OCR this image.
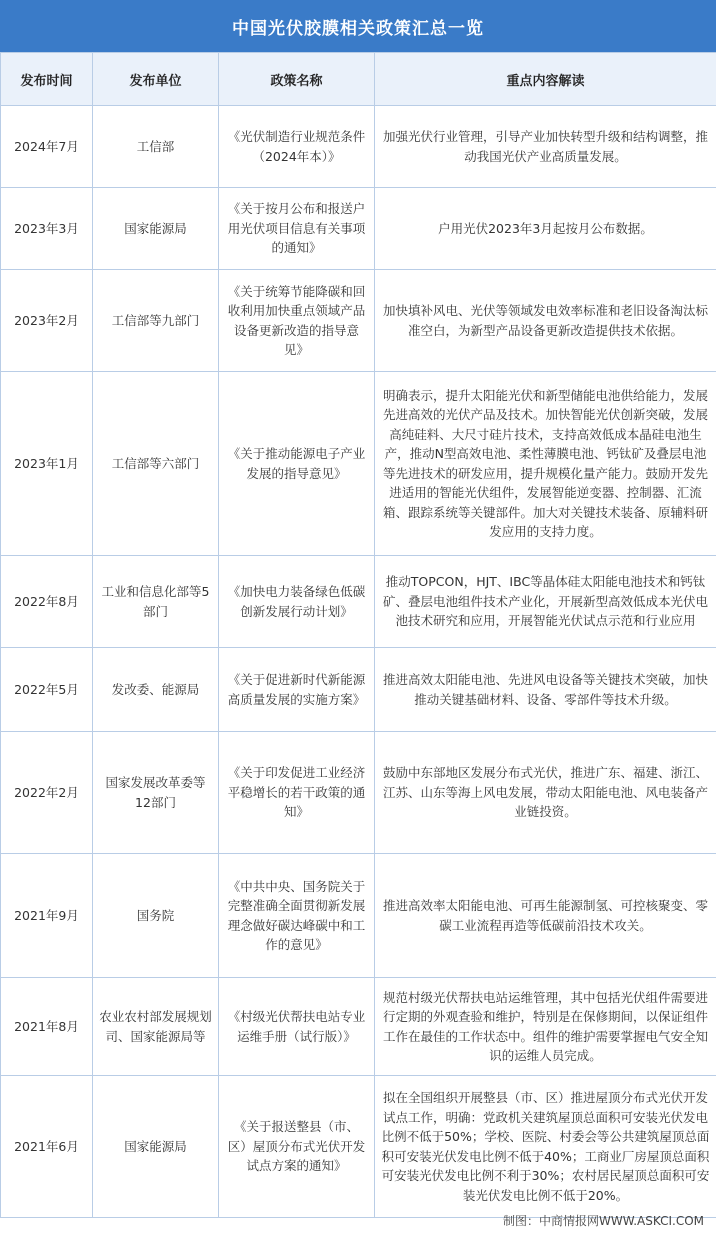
中国光伏胶膜相关政策汇总一览
发布时间	发布单位	政策名称	重点内容解读
2024年7月	工信部	《光伏制造行业规范条件（2024年本）》	加强光伏行业管理，引导产业加快转型升级和结构调整，推动我国光伏产业高质量发展。
2023年3月	国家能源局	《关于按月公布和报送户用光伏项目信息有关事项的通知》	户用光伏2023年3月起按月公布数据。
2023年2月	工信部等九部门	《关于统筹节能降碳和回收利用加快重点领域产品设备更新改造的指导意见》	加快填补风电、光伏等领域发电效率标准和老旧设备淘汰标准空白，为新型产品设备更新改造提供技术依据。
2023年1月	工信部等六部门	《关于推动能源电子产业发展的指导意见》	明确表示，提升太阳能光伏和新型储能电池供给能力，发展先进高效的光伏产品及技术。加快智能光伏创新突破，发展高纯硅料、大尺寸硅片技术，支持高效低成本晶硅电池生产，推动N型高效电池、柔性薄膜电池、钙钛矿及叠层电池等先进技术的研发应用，提升规模化量产能力。鼓励开发先进适用的智能光伏组件，发展智能逆变器、控制器、汇流箱、跟踪系统等关键部件。加大对关键技术装备、原辅料研发应用的支持力度。
2022年8月	工业和信息化部等5部门	《加快电力装备绿色低碳创新发展行动计划》	推动TOPCON，HJT、IBC等晶体硅太阳能电池技术和钙钛矿、叠层电池组件技术产业化，开展新型高效低成本光伏电池技术研究和应用，开展智能光伏试点示范和行业应用
2022年5月	发改委、能源局	《关于促进新时代新能源高质量发展的实施方案》	推进高效太阳能电池、先进风电设备等关键技术突破，加快推动关键基础材料、设备、零部件等技术升级。
2022年2月	国家发展改革委等12部门	《关于印发促进工业经济平稳增长的若干政策的通知》	鼓励中东部地区发展分布式光伏，推进广东、福建、浙江、江苏、山东等海上风电发展，带动太阳能电池、风电装备产业链投资。
2021年9月	国务院	《中共中央、国务院关于完整准确全面贯彻新发展理念做好碳达峰碳中和工作的意见》	推进高效率太阳能电池、可再生能源制氢、可控核聚变、零碳工业流程再造等低碳前沿技术攻关。
2021年8月	农业农村部发展规划司、国家能源局等	《村级光伏帮扶电站专业运维手册（试行版）》	规范村级光伏帮扶电站运维管理，其中包括光伏组件需要进行定期的外观查验和维护，特别是在保修期间，以保证组件工作在最佳的工作状态中。组件的维护需要掌握电气安全知识的运维人员完成。
2021年6月	国家能源局	《关于报送整县（市、区）屋顶分布式光伏开发试点方案的通知》	拟在全国组织开展整县（市、区）推进屋顶分布式光伏开发试点工作，明确：党政机关建筑屋顶总面积可安装光伏发电比例不低于50%；学校、医院、村委会等公共建筑屋顶总面积可安装光伏发电比例不低于40%；工商业厂房屋顶总面积可安装光伏发电比例不利于30%；农村居民屋顶总面积可安装光伏发电比例不低于20%。
制图：中商情报网WWW.ASKCI.COM
